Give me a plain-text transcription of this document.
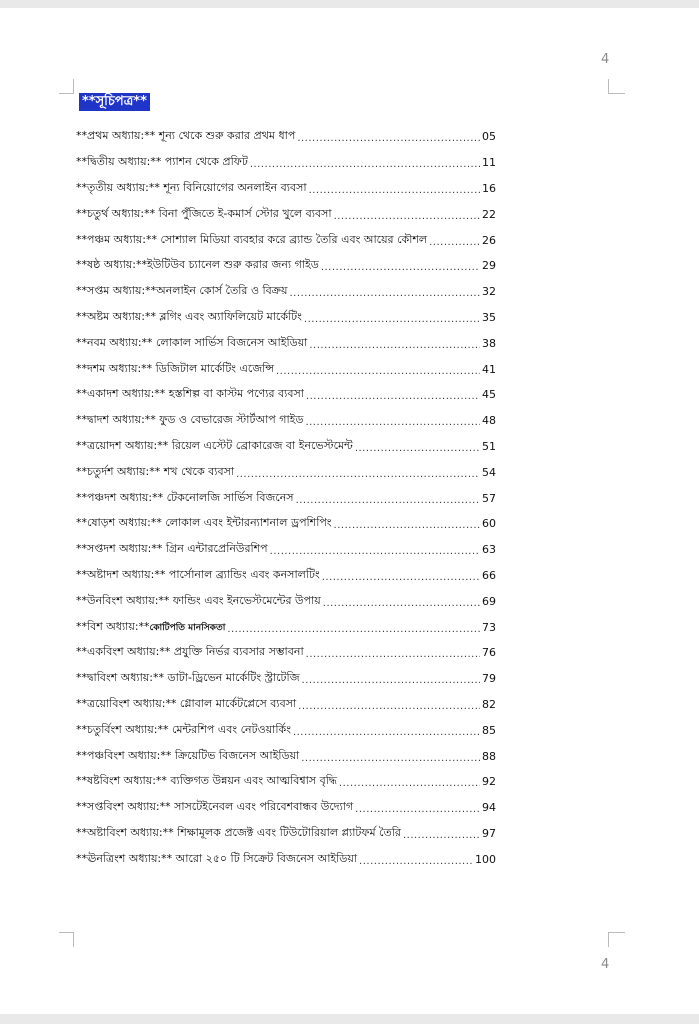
4
**সূচিপত্র**
**প্রথম অধ্যায়:** শূন্য থেকে শুরু করার প্রথম ধাপ .....	05
**দ্বিতীয় অধ্যায়:** প্যাশন থেকে প্রফিট .....	11
**তৃতীয় অধ্যায়:** শূন্য বিনিয়োগের অনলাইন ব্যবসা .....	16
**চতুর্থ অধ্যায়:** বিনা পুঁজিতে ই-কমার্স স্টোর খুলে ব্যবসা .....	22
**পঞ্চম অধ্যায়:** সোশ্যাল মিডিয়া ব্যবহার করে ব্র্যান্ড তৈরি এবং আয়ের কৌশল .....	26
**ষষ্ঠ অধ্যায়:**ইউটিউব চ্যানেল শুরু করার জন্য গাইড .....	29
**সপ্তম অধ্যায়:**অনলাইন কোর্স তৈরি ও বিক্রয় .....	32
**অষ্টম অধ্যায়:** ব্লগিং এবং অ্যাফিলিয়েট মার্কেটিং .....	35
**নবম অধ্যায়:** লোকাল সার্ভিস বিজনেস আইডিয়া .....	38
**দশম অধ্যায়:** ডিজিটাল মার্কেটিং এজেন্সি .....	41
**একাদশ অধ্যায়:** হস্তশিল্প বা কাস্টম পণ্যের ব্যবসা .....	45
**দ্বাদশ অধ্যায়:** ফুড ও বেভারেজ স্টার্টআপ গাইড .....	48
**ত্রয়োদশ অধ্যায়:** রিয়েল এস্টেট ব্রোকারেজ বা ইনভেস্টমেন্ট .....	51
**চতুর্দশ অধ্যায়:** শখ থেকে ব্যবসা .....	54
**পঞ্চদশ অধ্যায়:** টেকনোলজি সার্ভিস বিজনেস .....	57
**ষোড়শ অধ্যায়:** লোকাল এবং ইন্টারন্যাশনাল ড্রপশিপিং .....	60
**সপ্তদশ অধ্যায়:** গ্রিন এন্টারপ্রেনিউরশিপ .....	63
**অষ্টাদশ অধ্যায়:** পার্সোনাল ব্র্যান্ডিং এবং কনসালটিং .....	66
**উনবিংশ অধ্যায়:** ফান্ডিং এবং ইনভেস্টমেন্টের উপায় .....	69
**বিশ অধ্যায়:** কোটিপতি মানসিকতা .....	73
**একবিংশ অধ্যায়:** প্রযুক্তি নির্ভর ব্যবসার সম্ভাবনা .....	76
**দ্বাবিংশ অধ্যায়:** ডাটা-ড্রিভেন মার্কেটিং স্ট্রাটেজি .....	79
**ত্রয়োবিংশ অধ্যায়:** গ্লোবাল মার্কেটপ্লেসে ব্যবসা .....	82
**চতুর্বিংশ অধ্যায়:** মেন্টরশিপ এবং নেটওয়ার্কিং .....	85
**পঞ্চবিংশ অধ্যায়:** ক্রিয়েটিভ বিজনেস আইডিয়া .....	88
**ষষ্টবিংশ অধ্যায়:** ব্যক্তিগত উন্নয়ন এবং আত্মবিশ্বাস বৃদ্ধি .....	92
**সপ্তবিংশ অধ্যায়:** সাসটেইনেবল এবং পরিবেশবান্ধব উদ্যোগ .....	94
**অষ্টাবিংশ অধ্যায়:** শিক্ষামূলক প্রজেক্ট এবং টিউটোরিয়াল প্ল্যাটফর্ম তৈরি .....	97
**ঊনত্রিংশ অধ্যায়:** আরো ২৫০ টি সিক্রেট বিজনেস আইডিয়া .....	100
4
